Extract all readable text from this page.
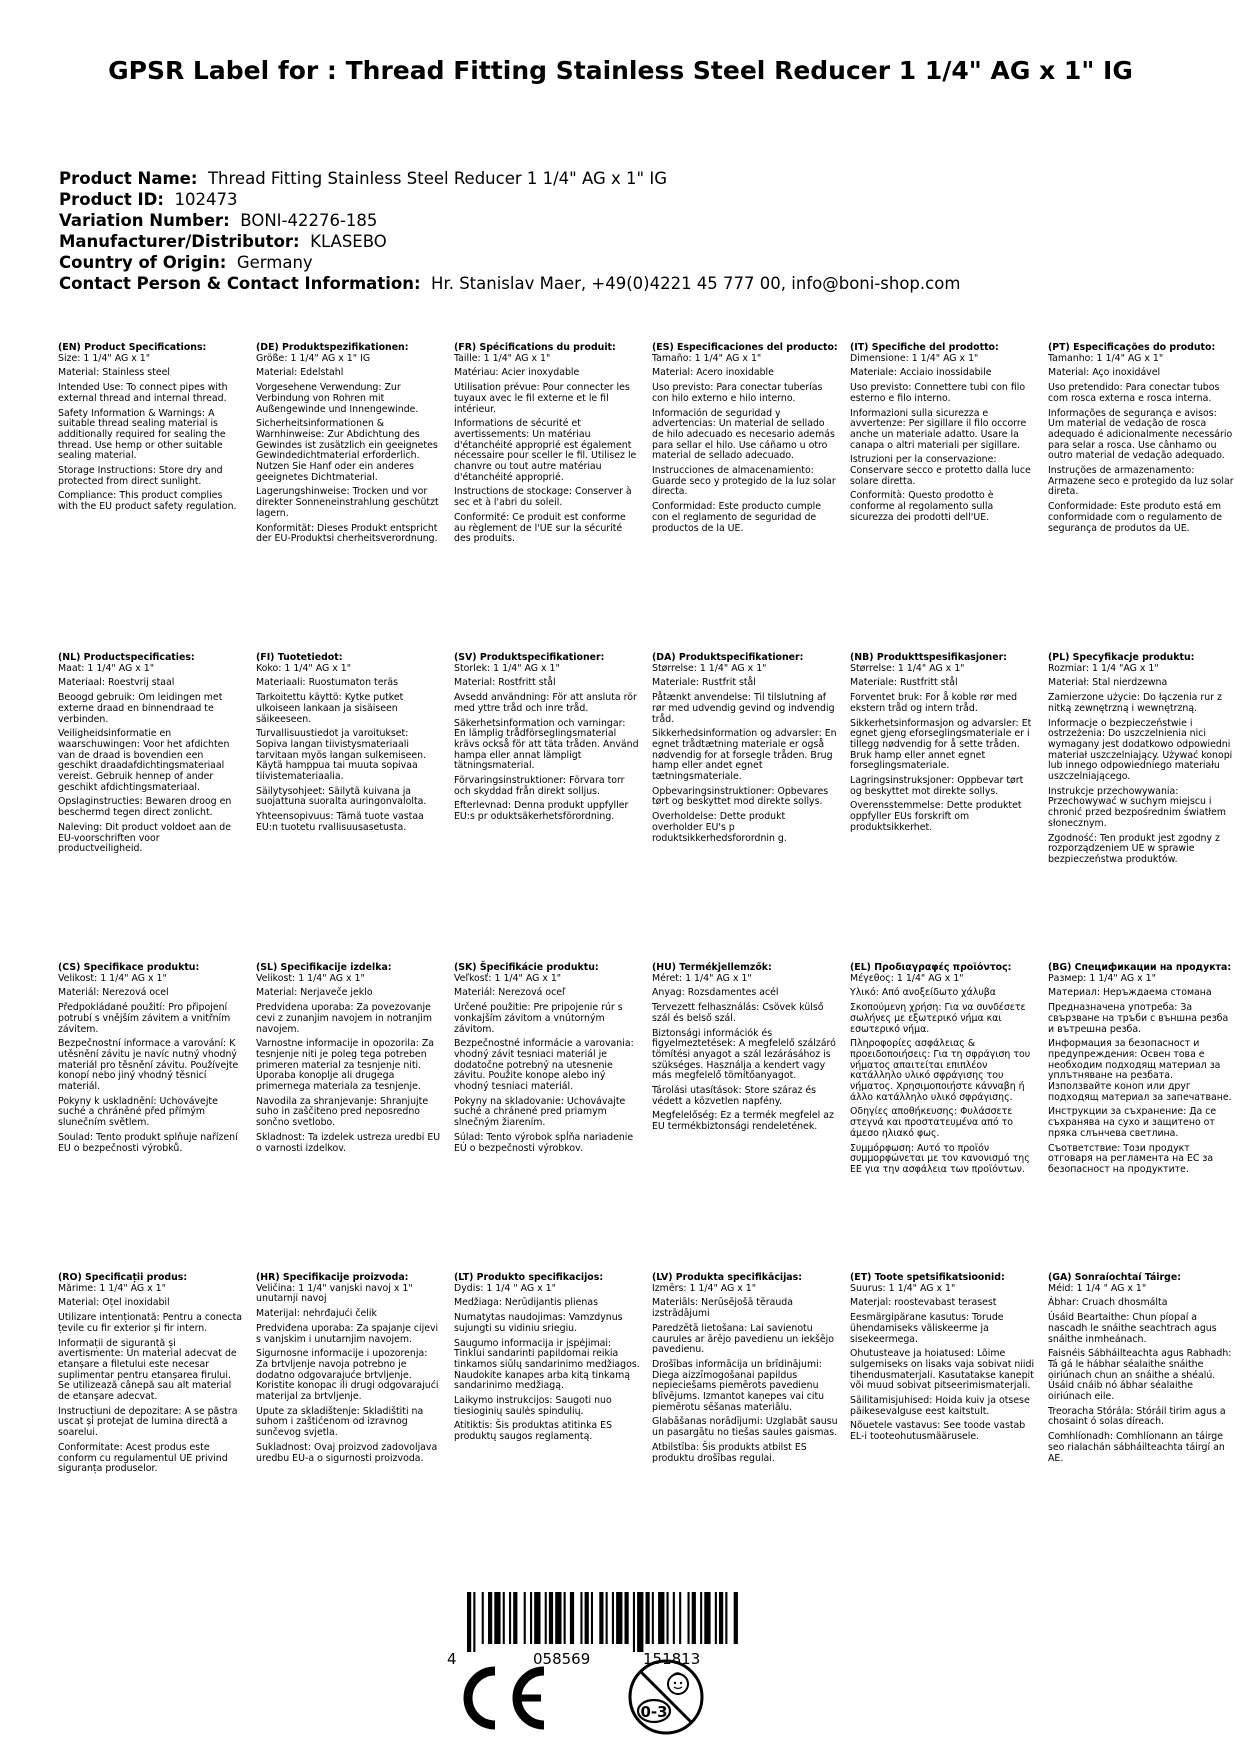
GPSR Label for : Thread Fitting Stainless Steel Reducer 1 1/4" AG x 1" IG
Product Name: Thread Fitting Stainless Steel Reducer 1 1/4" AG x 1" IG
Product ID: 102473
Variation Number: BONI-42276-185
Manufacturer/Distributor: KLASEBO
Country of Origin: Germany
Contact Person & Contact Information: Hr. Stanislav Maer, +49(0)4221 45 777 00, info@boni-shop.com
(EN) Product Specifications:

Size: 1 1/4" AG x 1"

Material: Stainless steel

Intended Use: To connect pipes with external thread and internal thread.

Safety Information & Warnings: A suitable thread sealing material is additionally required for sealing the thread. Use hemp or other suitable sealing material.

Storage Instructions: Store dry and protected from direct sunlight.

Compliance: This product complies with the EU product safety regulation.

(DE) Produktspezifikationen:

Größe: 1 1/4" AG x 1" IG

Material: Edelstahl

Vorgesehene Verwendung: Zur Verbindung von Rohren mit Außengewinde und Innengewinde.

Sicherheitsinformationen & Warnhinweise: Zur Abdichtung des Gewindes ist zusätzlich ein geeignetes Gewindedichtmaterial erforderlich. Nutzen Sie Hanf oder ein anderes geeignetes Dichtmaterial.

Lagerungshinweise: Trocken und vor direkter Sonneneinstrahlung geschützt lagern.

Konformität: Dieses Produkt entspricht der EU-Produktsi cherheitsverordnung.

(FR) Spécifications du produit:

Taille: 1 1/4" AG x 1"

Matériau: Acier inoxydable

Utilisation prévue: Pour connecter les tuyaux avec le fil externe et le fil intérieur.

Informations de sécurité et avertissements: Un matériau d'étanchéité approprié est également nécessaire pour sceller le fil. Utilisez le chanvre ou tout autre matériau d'étanchéité approprié.

Instructions de stockage: Conserver à sec et à l'abri du soleil.

Conformité: Ce produit est conforme au règlement de l'UE sur la sécurité des produits.

(ES) Especificaciones del producto:

Tamaño: 1 1/4" AG x 1"

Material: Acero inoxidable

Uso previsto: Para conectar tuberías con hilo externo e hilo interno.

Información de seguridad y advertencias: Un material de sellado de hilo adecuado es necesario además para sellar el hilo. Use cáñamo u otro material de sellado adecuado.

Instrucciones de almacenamiento: Guarde seco y protegido de la luz solar directa.

Conformidad: Este producto cumple con el reglamento de seguridad de productos de la UE.

(IT) Specifiche del prodotto:

Dimensione: 1 1/4" AG x 1"

Materiale: Acciaio inossidabile

Uso previsto: Connettere tubi con filo esterno e filo interno.

Informazioni sulla sicurezza e avvertenze: Per sigillare il filo occorre anche un materiale adatto. Usare la canapa o altri materiali per sigillare.

Istruzioni per la conservazione: Conservare secco e protetto dalla luce solare diretta.

Conformità: Questo prodotto è conforme al regolamento sulla sicurezza dei prodotti dell'UE.

(PT) Especificações do produto:

Tamanho: 1 1/4" AG x 1"

Material: Aço inoxidável

Uso pretendido: Para conectar tubos com rosca externa e rosca interna.

Informações de segurança e avisos: Um material de vedação de rosca adequado é adicionalmente necessário para selar a rosca. Use cânhamo ou outro material de vedação adequado.

Instruções de armazenamento: Armazene seco e protegido da luz solar direta.

Conformidade: Este produto está em conformidade com o regulamento de segurança de produtos da UE.

(NL) Productspecificaties:

Maat: 1 1/4" AG x 1"

Materiaal: Roestvrij staal

Beoogd gebruik: Om leidingen met externe draad en binnendraad te verbinden.

Veiligheidsinformatie en waarschuwingen: Voor het afdichten van de draad is bovendien een geschikt draadafdichtingsmateriaal vereist. Gebruik hennep of ander geschikt afdichtingsmateriaal.

Opslaginstructies: Bewaren droog en beschermd tegen direct zonlicht.

Naleving: Dit product voldoet aan de EU-voorschriften voor productveiligheid.

(FI) Tuotetiedot:

Koko: 1 1/4" AG x 1"

Materiaali: Ruostumaton teräs

Tarkoitettu käyttö: Kytke putket ulkoiseen lankaan ja sisäiseen säikeeseen.

Turvallisuustiedot ja varoitukset: Sopiva langan tiivistysmateriaali tarvitaan myös langan sulkemiseen. Käytä hamppua tai muuta sopivaa tiivistemateriaalia.

Säilytysohjeet: Säilytä kuivana ja suojattuna suoralta auringonvalolta.

Yhteensopivuus: Tämä tuote vastaa EU:n tuotetu rvallisuusasetusta.

(SV) Produktspecifikationer:

Storlek: 1 1/4" AG x 1"

Material: Rostfritt stål

Avsedd användning: För att ansluta rör med yttre tråd och inre tråd.

Säkerhetsinformation och varningar: En lämplig trådförseglingsmaterial krävs också för att täta tråden. Använd hampa eller annat lämpligt tätningsmaterial.

Förvaringsinstruktioner: Förvara torr och skyddad från direkt solljus.

Efterlevnad: Denna produkt uppfyller EU:s pr oduktsäkerhetsförordning.

(DA) Produktspecifikationer:

Størrelse: 1 1/4" AG x 1"

Materiale: Rustfrit stål

Påtænkt anvendelse: Til tilslutning af rør med udvendig gevind og indvendig tråd.

Sikkerhedsinformation og advarsler: En egnet trådtætning materiale er også nødvendig for at forsegle tråden. Brug hamp eller andet egnet tætningsmateriale.

Opbevaringsinstruktioner: Opbevares tørt og beskyttet mod direkte sollys.

Overholdelse: Dette produkt overholder EU's p roduktsikkerhedsforordnin g.

(NB) Produkttspesifikasjoner:

Størrelse: 1 1/4" AG x 1"

Materiale: Rustfritt stål

Forventet bruk: For å koble rør med ekstern tråd og intern tråd.

Sikkerhetsinformasjon og advarsler: Et egnet gjeng eforseglingsmateriale er i tillegg nødvendig for å sette tråden. Bruk hamp eller annet egnet forseglingsmateriale.

Lagringsinstruksjoner: Oppbevar tørt og beskyttet mot direkte sollys.

Overensstemmelse: Dette produktet oppfyller EUs forskrift om produktsikkerhet.

(PL) Specyfikacje produktu:

Rozmiar: 1 1/4 "AG x 1"

Materiał: Stal nierdzewna

Zamierzone użycie: Do łączenia rur z nitką zewnętrzną i wewnętrzną.

Informacje o bezpieczeństwie i ostrzeżenia: Do uszczelnienia nici wymagany jest dodatkowo odpowiedni materiał uszczelniający. Używać konopi lub innego odpowiedniego materiału uszczelniającego.

Instrukcje przechowywania: Przechowywać w suchym miejscu i chronić przed bezpośrednim światłem słonecznym.

Zgodność: Ten produkt jest zgodny z rozporządzeniem UE w sprawie bezpieczeństwa produktów.

(CS) Specifikace produktu:

Velikost: 1 1/4" AG x 1"

Materiál: Nerezová ocel

Předpokládané použití: Pro připojení potrubí s vnějším závitem a vnitřním závitem.

Bezpečnostní informace a varování: K utěsnění závitu je navíc nutný vhodný materiál pro těsnění závitu. Používejte konopí nebo jiný vhodný těsnicí materiál.

Pokyny k uskladnění: Uchovávejte suché a chráněné před přímým slunečním světlem.

Soulad: Tento produkt splňuje nařízení EU o bezpečnosti výrobků.

(SL) Specifikacije izdelka:

Velikost: 1 1/4" AG x 1"

Material: Nerjaveče jeklo

Predvidena uporaba: Za povezovanje cevi z zunanjim navojem in notranjim navojem.

Varnostne informacije in opozorila: Za tesnjenje niti je poleg tega potreben primeren material za tesnjenje niti. Uporaba konoplje ali drugega primernega materiala za tesnjenje.

Navodila za shranjevanje: Shranjujte suho in zaščiteno pred neposredno sončno svetlobo.

Skladnost: Ta izdelek ustreza uredbi EU o varnosti izdelkov.

(SK) Špecifikácie produktu:

Veľkosť: 1 1/4" AG x 1"

Materiál: Nerezová oceľ

Určené použitie: Pre pripojenie rúr s vonkajším závitom a vnútorným závitom.

Bezpečnostné informácie a varovania: vhodný závit tesniaci materiál je dodatočne potrebný na utesnenie závitu. Použite konope alebo iný vhodný tesniaci materiál.

Pokyny na skladovanie: Uchovávajte suché a chránené pred priamym slnečným žiarením.

Súlad: Tento výrobok spĺňa nariadenie EÚ o bezpečnosti výrobkov.

(HU) Termékjellemzők:

Méret: 1 1/4" AG x 1"

Anyag: Rozsdamentes acél

Tervezett felhasználás: Csövek külső szál és belső szál.

Biztonsági információk és figyelmeztetések: A megfelelő szálzáró tömítési anyagot a szál lezárásához is szükséges. Használja a kendert vagy más megfelelő tömítőanyagot.

Tárolási utasítások: Store száraz és védett a közvetlen napfény.

Megfelelőség: Ez a termék megfelel az EU termékbiztonsági rendeletének.

(EL) Προδιαγραφές προϊόντος:

Μέγεθος: 1 1/4" AG x 1"

Υλικό: Από ανοξείδωτο χάλυβα

Σκοπούμενη χρήση: Για να συνδέσετε σωλήνες με εξωτερικό νήμα και εσωτερικό νήμα.

Πληροφορίες ασφάλειας & προειδοποιήσεις: Για τη σφράγιση του νήματος απαιτείται επιπλέον κατάλληλο υλικό σφράγισης του νήματος. Χρησιμοποιήστε κάνναβη ή άλλο κατάλληλο υλικό σφράγισης.

Οδηγίες αποθήκευσης: Φυλάσσετε στεγνά και προστατευμένα από το άμεσο ηλιακό φως.

Συμμόρφωση: Αυτό το προϊόν συμμορφώνεται με τον κανονισμό της ΕΕ για την ασφάλεια των προϊόντων.

(BG) Спецификации на продукта:

Размер: 1 1/4" AG x 1"

Материал: Неръждаема стомана

Предназначена употреба: За свързване на тръби с външна резба и вътрешна резба.

Информация за безопасност и предупреждения: Освен това е необходим подходящ материал за уплътняване на резбата. Използвайте коноп или друг подходящ материал за запечатване.

Инструкции за съхранение: Да се съхранява на сухо и защитено от пряка слънчева светлина.

Съответствие: Този продукт отговаря на регламента на ЕС за безопасност на продуктите.

(RO) Specificații produs:

Mărime: 1 1/4" AG x 1"

Material: Oțel inoxidabil

Utilizare intenționată: Pentru a conecta țevile cu fir exterior și fir intern.

Informații de siguranță și avertismente: Un material adecvat de etanșare a filetului este necesar suplimentar pentru etanșarea firului. Se utilizează cânepă sau alt material de etanșare adecvat.

Instrucțiuni de depozitare: A se păstra uscat și protejat de lumina directă a soarelui.

Conformitate: Acest produs este conform cu regulamentul UE privind siguranța produselor.

(HR) Specifikacije proizvoda:

Veličina: 1 1/4" vanjski navoj x 1" unutarnji navoj

Materijal: nehrđajući čelik

Predviđena uporaba: Za spajanje cijevi s vanjskim i unutarnjim navojem.

Sigurnosne informacije i upozorenja: Za brtvljenje navoja potrebno je dodatno odgovarajuće brtvljenje. Koristite konopac ili drugi odgovarajući materijal za brtvljenje.

Upute za skladištenje: Skladištiti na suhom i zaštićenom od izravnog sunčevog svjetla.

Sukladnost: Ovaj proizvod zadovoljava uredbu EU-a o sigurnosti proizvoda.

(LT) Produkto specifikacijos:

Dydis: 1 1/4 " AG x 1"

Medžiaga: Nerūdijantis plienas

Numatytas naudojimas: Vamzdynus sujungti su vidiniu sriegiu.

Saugumo informacija ir įspėjimai: Tinklui sandarinti papildomai reikia tinkamos siūlų sandarinimo medžiagos. Naudokite kanapes arba kitą tinkamą sandarinimo medžiagą.

Laikymo instrukcijos: Saugoti nuo tiesioginių saulės spindulių.

Atitiktis: Šis produktas atitinka ES produktų saugos reglamentą.

(LV) Produkta specifikācijas:

Izmērs: 1 1/4" AG x 1"

Materiāls: Nerūsējošā tērauda izstrādājumi

Paredzētā lietošana: Lai savienotu caurules ar ārējo pavedienu un iekšējo pavedienu.

Drošības informācija un brīdinājumi: Diega aizzīmogošanai papildus nepieciešams piemērots pavedienu blīvējums. Izmantot kaņepes vai citu piemērotu sēšanas materiālu.

Glabāšanas norādījumi: Uzglabāt sausu un pasargātu no tiešas saules gaismas.

Atbilstība: Šis produkts atbilst ES produktu drošības regulai.

(ET) Toote spetsifikatsioonid:

Suurus: 1 1/4" AG x 1"

Materjal: roostevabast terasest

Eesmärgipärane kasutus: Torude ühendamiseks väliskeerme ja sisekeermega.

Ohutusteave ja hoiatused: Lõime sulgemiseks on lisaks vaja sobivat niidi tihendusmaterjali. Kasutatakse kanepit või muud sobivat pitseerimismaterjali.

Säilitamisjuhised: Hoida kuiv ja otsese päikesevalguse eest kaitstult.

Nõuetele vastavus: See toode vastab EL-i tooteohutusmäärusele.

(GA) Sonraíochtaí Táirge:

Méid: 1 1/4 " AG x 1"

Ábhar: Cruach dhosmálta

Úsáid Beartaithe: Chun píopaí a nascadh le snáithe seachtrach agus snáithe inmheánach.

Faisnéis Sábháilteachta agus Rabhadh: Tá gá le hábhar séalaithe snáithe oiriúnach chun an snáithe a shéalú. Úsáid cnáib nó ábhar séalaithe oiriúnach eile.

Treoracha Stórála: Stóráil tirim agus a chosaint ó solas díreach.

Comhlíonadh: Comhlíonann an táirge seo rialachán sábháilteachta táirgí an AE.

4	058569	151813
0-3
